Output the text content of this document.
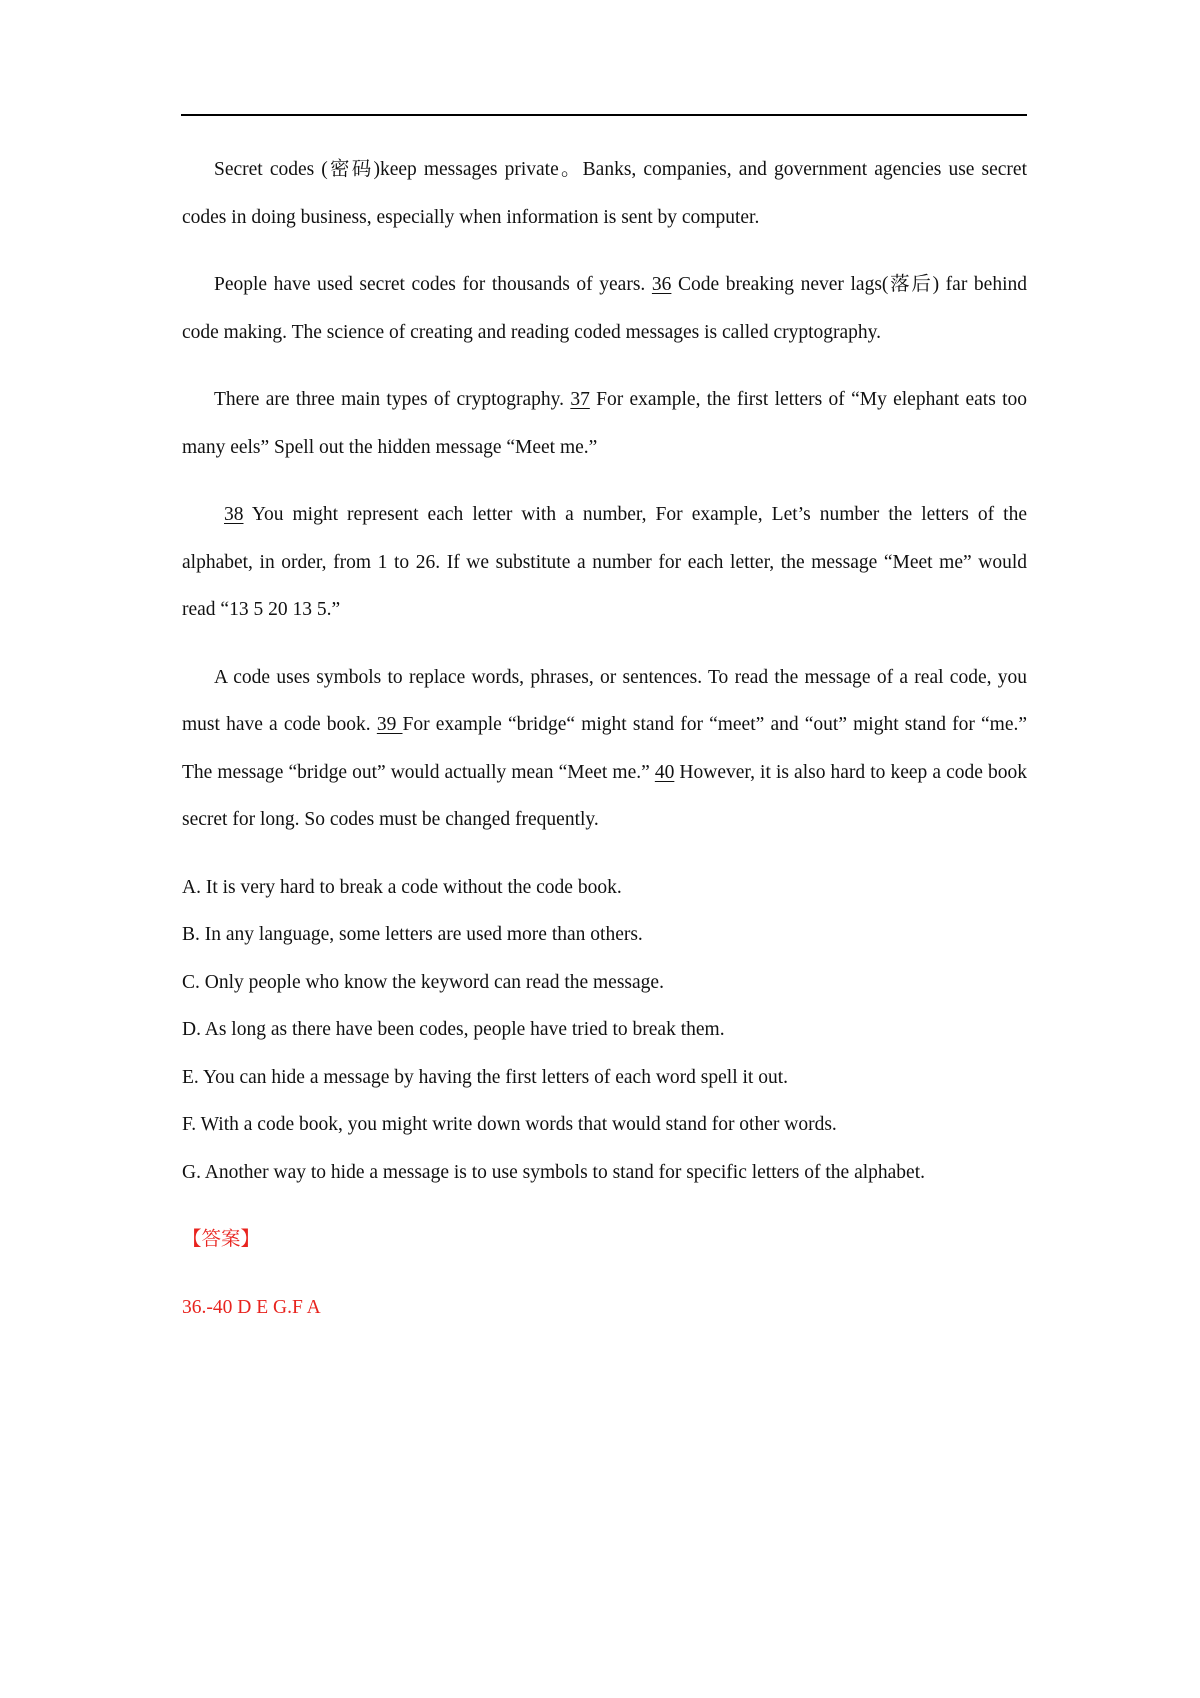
Secret codes (密码)keep messages private。Banks, companies, and government agencies use secret codes in doing business, especially when information is sent by computer.

People have used secret codes for thousands of years. 36 Code breaking never lags(落后) far behind code making. The science of creating and reading coded messages is called cryptography.

There are three main types of cryptography. 37 For example, the first letters of “My elephant eats too many eels” Spell out the hidden message “Meet me.”

38 You might represent each letter with a number, For example, Let’s number the letters of the alphabet, in order, from 1 to 26. If we substitute a number for each letter, the message “Meet me” would read “13 5 20 13 5.”

A code uses symbols to replace words, phrases, or sentences. To read the message of a real code, you must have a code book. 39 For example “bridge“ might stand for “meet” and “out” might stand for “me.” The message “bridge out” would actually mean “Meet me.” 40 However, it is also hard to keep a code book secret for long. So codes must be changed frequently.

A. It is very hard to break a code without the code book.
B. In any language, some letters are used more than others.
C. Only people who know the keyword can read the message.
D. As long as there have been codes, people have tried to break them.
E. You can hide a message by having the first letters of each word spell it out.
F. With a code book, you might write down words that would stand for other words.
G. Another way to hide a message is to use symbols to stand for specific letters of the alphabet.
【答案】
36.-40 D E G.F A
